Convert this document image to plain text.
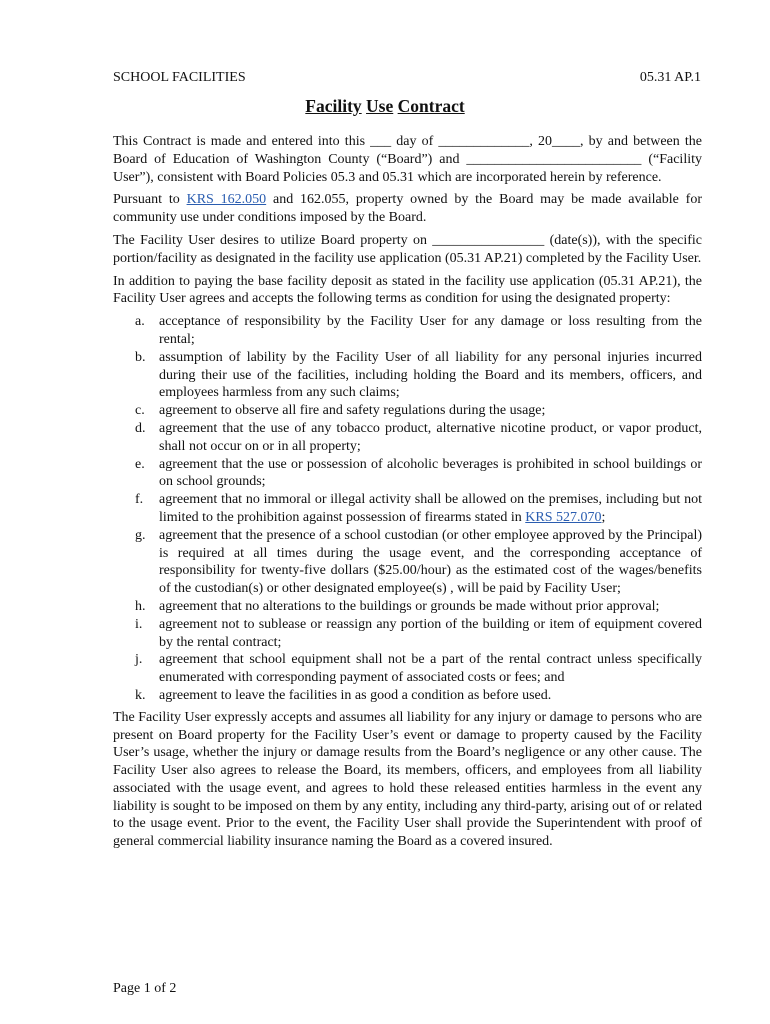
SCHOOL FACILITIES	05.31 AP.1
Facility Use Contract

This Contract is made and entered into this ___ day of _____________, 20____, by and between the Board of Education of Washington County (“Board”) and _________________________ (“Facility User”), consistent with Board Policies 05.3 and 05.31 which are incorporated herein by reference.

Pursuant to KRS 162.050 and 162.055, property owned by the Board may be made available for community use under conditions imposed by the Board.

The Facility User desires to utilize Board property on ________________ (date(s)), with the specific portion/facility as designated in the facility use application (05.31 AP.21) completed by the Facility User.

In addition to paying the base facility deposit as stated in the facility use application (05.31 AP.21), the Facility User agrees and accepts the following terms as condition for using the designated property:

a. acceptance of responsibility by the Facility User for any damage or loss resulting from the rental;
b. assumption of lability by the Facility User of all liability for any personal injuries incurred during their use of the facilities, including holding the Board and its members, officers, and employees harmless from any such claims;
c. agreement to observe all fire and safety regulations during the usage;
d. agreement that the use of any tobacco product, alternative nicotine product, or vapor product, shall not occur on or in all property;
e. agreement that the use or possession of alcoholic beverages is prohibited in school buildings or on school grounds;
f. agreement that no immoral or illegal activity shall be allowed on the premises, including but not limited to the prohibition against possession of firearms stated in KRS 527.070;
g. agreement that the presence of a school custodian (or other employee approved by the Principal) is required at all times during the usage event, and the corresponding acceptance of responsibility for twenty-five dollars ($25.00/hour) as the estimated cost of the wages/benefits of the custodian(s) or other designated employee(s) , will be paid by Facility User;
h. agreement that no alterations to the buildings or grounds be made without prior approval;
i. agreement not to sublease or reassign any portion of the building or item of equipment covered by the rental contract;
j. agreement that school equipment shall not be a part of the rental contract unless specifically enumerated with corresponding payment of associated costs or fees; and
k. agreement to leave the facilities in as good a condition as before used.

The Facility User expressly accepts and assumes all liability for any injury or damage to persons who are present on Board property for the Facility User’s event or damage to property caused by the Facility User’s usage, whether the injury or damage results from the Board’s negligence or any other cause. The Facility User also agrees to release the Board, its members, officers, and employees from all liability associated with the usage event, and agrees to hold these released entities harmless in the event any liability is sought to be imposed on them by any entity, including any third-party, arising out of or related to the usage event. Prior to the event, the Facility User shall provide the Superintendent with proof of general commercial liability insurance naming the Board as a covered insured.

Page 1 of 2
